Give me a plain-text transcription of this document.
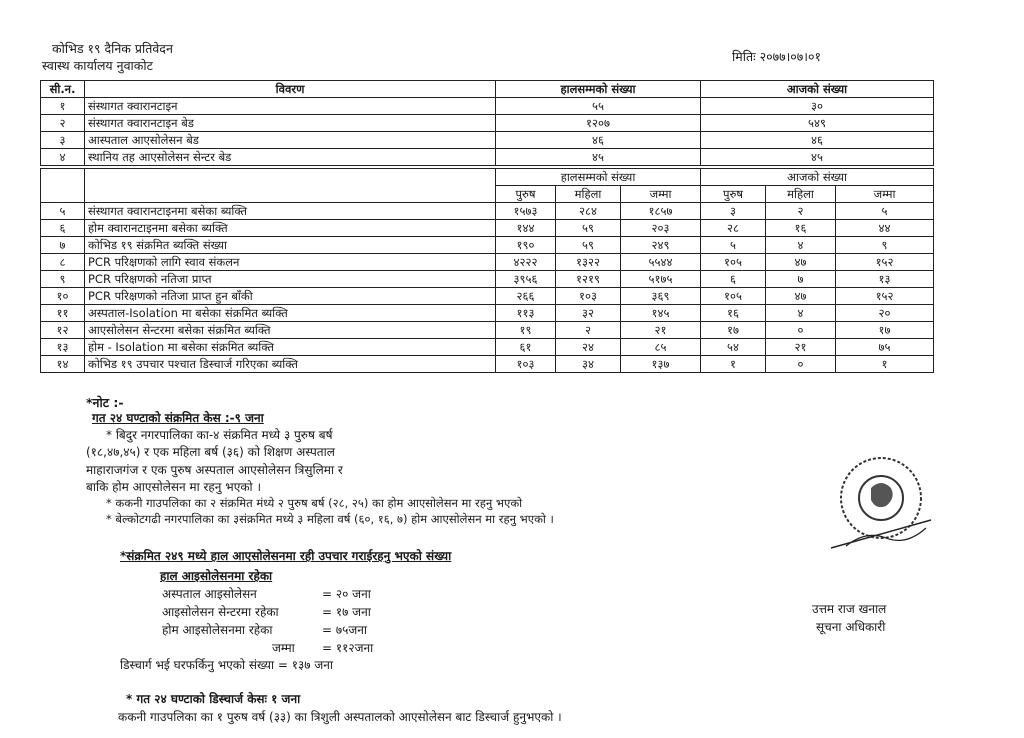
कोभिड १९ दैनिक प्रतिवेदन
स्वास्थ कार्यालय नुवाकोट
मितिः २०७७।०७।०१
सी.न.	विवरण	हालसम्मको संख्या	आजको संख्या
१	संस्थागत क्वारानटाइन	५५	३०
२	संस्थागत क्वारानटाइन बेड	१२०७	५४९
३	आस्पताल आएसोलेसन बेड	४६	४६
४	स्थानिय तह आएसोलेसन सेन्टर बेड	४५	४५
		हालसम्मको संख्या			आजको संख्या		
		पुरुष	महिला	जम्मा	पुरुष	महिला	जम्मा
५	संस्थागत क्वारानटाइनमा बसेका ब्यक्ति	१५७३	२८४	१८५७	३	२	५
६	होम क्वारानटाइनमा बसेका ब्यक्ति	१४४	५९	२०३	२८	१६	४४
७	कोभिड १९ संक्रमित ब्यक्ति संख्या	१९०	५९	२४९	५	४	९
८	PCR परिक्षणको लागि स्वाव संकलन	४२२२	१३२२	५५४४	१०५	४७	१५२
९	PCR परिक्षणको नतिजा प्राप्त	३९५६	१२१९	५१७५	६	७	१३
१०	PCR परिक्षणको नतिजा प्राप्त हुन बाँकी	२६६	१०३	३६९	१०५	४७	१५२
११	अस्पताल-Isolation मा बसेका संक्रमित ब्यक्ति	११३	३२	१४५	१६	४	२०
१२	आएसोलेसन सेन्टरमा बसेका संक्रमित ब्यक्ति	१९	२	२१	१७	०	१७
१३	होम - Isolation मा बसेका संक्रमित ब्यक्ति	६१	२४	८५	५४	२१	७५
१४	कोभिड १९ उपचार पश्चात डिस्चार्ज गरिएका ब्यक्ति	१०३	३४	१३७	१	०	१
*नोट :-
गत २४ घण्टाको संक्रमित केस :-९ जना
* बिदुर नगरपालिका का-४ संक्रमित मध्ये ३ पुरुष बर्ष
(१८,४७,४५) र एक महिला बर्ष (३६) को शिक्षण अस्पताल
माहाराजगंज र एक पुरुष अस्पताल आएसोलेसन त्रिसुलिमा र
बाकि होम आएसोलेसन मा रहनु भएको ।
* ककनी गाउपलिका का २ संक्रमित मंध्ये २ पुरुष बर्ष (२८, २५) का होम आएसोलेसन मा रहनु भएको
* बेल्कोटगढी नगरपालिका का ३संक्रमित मध्ये ३ महिला वर्ष (६०, १६, ७) होम आएसोलेसन मा रहनु भएको ।
*संक्रमित २४९ मध्ये हाल आएसोलेसनमा रही उपचार गराईरहनु भएको संख्या
हाल आइसोलेसनमा रहेका
अस्पताल आइसोलेसन	= २० जना
आइसोलेसन सेन्टरमा रहेका	= १७ जना
होम आइसोलेसनमा रहेका	= ७५जना
जम्मा = ११२जना
डिस्चार्ग भई घरफर्किनु भएको संख्या = १३७ जना
* गत २४ घण्टाको डिस्चार्ज केसः १ जना
ककनी गाउपलिका का १ पुरुष वर्ष (३३) का त्रिशुली अस्पतालको आएसोलेसन बाट डिस्चार्ज हुनुभएको ।
उत्तम राज खनाल
सूचना अधिकारी
